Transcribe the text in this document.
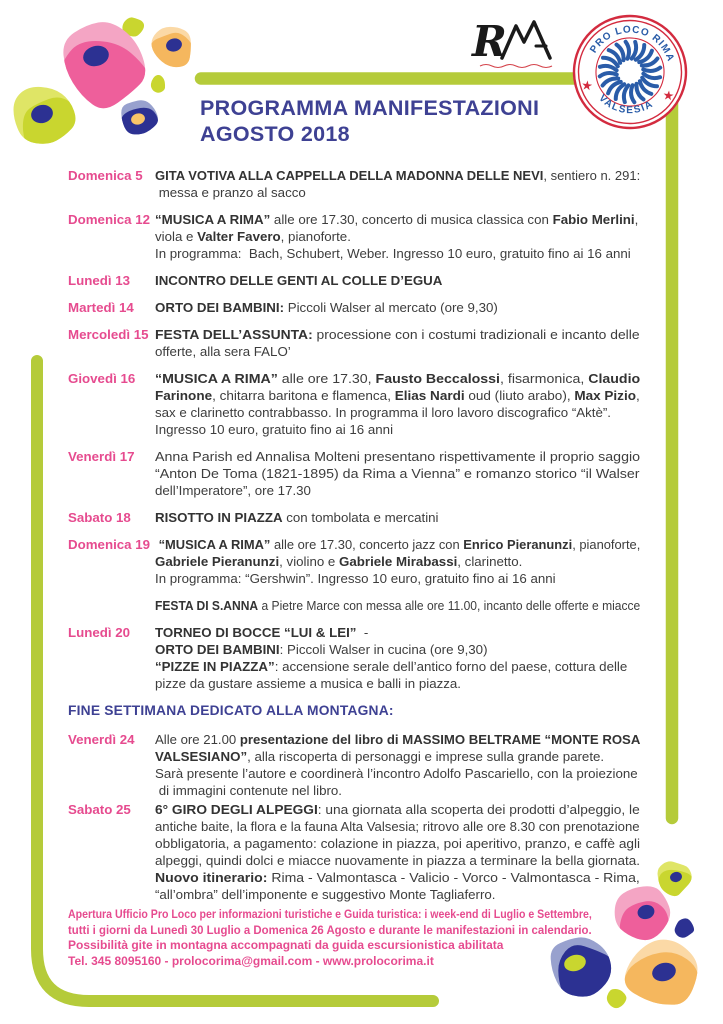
R	PRO LOCO RIMA
VALSESIA
★
★
PROGRAMMA MANIFESTAZIONI
AGOSTO 2018
Domenica 5 GITA VOTIVA ALLA CAPPELLA DELLA MADONNA DELLE NEVI, sentiero n. 291:
messa e pranzo al sacco
Domenica 12 “MUSICA A RIMA” alle ore 17.30, concerto di musica classica con Fabio Merlini,
viola e Valter Favero, pianoforte.
In programma:  Bach, Schubert, Weber. Ingresso 10 euro, gratuito fino ai 16 anni
Lunedì 13	INCONTRO DELLE GENTI AL COLLE D’EGUA
Martedì 14	ORTO DEI BAMBINI: Piccoli Walser al mercato (ore 9,30)
Mercoledì 15 FESTA DELL’ASSUNTA: processione con i costumi tradizionali e incanto delle
offerte, alla sera FALO’
Giovedì 16	“MUSICA A RIMA” alle ore 17.30, Fausto Beccalossi, fisarmonica, Claudio
Farinone, chitarra baritona e flamenca, Elias Nardi oud (liuto arabo), Max Pizio,
sax e clarinetto contrabbasso. In programma il loro lavoro discografico “Aktè”.
Ingresso 10 euro, gratuito fino ai 16 anni
Venerdì 17	Anna Parish ed Annalisa Molteni presentano rispettivamente il proprio saggio
“Anton De Toma (1821-1895) da Rima a Vienna” e romanzo storico “il Walser
dell’Imperatore”, ore 17.30
Sabato 18	RISOTTO IN PIAZZA con tombolata e mercatini
Domenica 19 “MUSICA A RIMA” alle ore 17.30, concerto jazz con Enrico Pieranunzi, pianoforte,
Gabriele Pieranunzi, violino e Gabriele Mirabassi, clarinetto.
In programma: “Gershwin”. Ingresso 10 euro, gratuito fino ai 16 anni
FESTA DI S.ANNA a Pietre Marce con messa alle ore 11.00, incanto delle offerte e miacce
Lunedì 20	TORNEO DI BOCCE “LUI & LEI”  -
ORTO DEI BAMBINI: Piccoli Walser in cucina (ore 9,30)
“PIZZE IN PIAZZA”: accensione serale dell’antico forno del paese, cottura delle
pizze da gustare assieme a musica e balli in piazza.
FINE SETTIMANA DEDICATO ALLA MONTAGNA:
Venerdì 24	Alle ore 21.00 presentazione del libro di MASSIMO BELTRAME “MONTE ROSA
VALSESIANO”, alla riscoperta di personaggi e imprese sulla grande parete.
Sarà presente l’autore e coordinerà l’incontro Adolfo Pascariello, con la proiezione
di immagini contenute nel libro.
Sabato 25	6° GIRO DEGLI ALPEGGI: una giornata alla scoperta dei prodotti d’alpeggio, le
antiche baite, la flora e la fauna Alta Valsesia; ritrovo alle ore 8.30 con prenotazione
obbligatoria, a pagamento: colazione in piazza, poi aperitivo, pranzo, e caffè agli
alpeggi, quindi dolci e miacce nuovamente in piazza a terminare la bella giornata.
Nuovo itinerario: Rima - Valmontasca - Valicio - Vorco - Valmontasca - Rima,
“all’ombra” dell’imponente e suggestivo Monte Tagliaferro.
Apertura Ufficio Pro Loco per informazioni turistiche e Guida turistica: i week-end di Luglio e Settembre,
tutti i giorni da Lunedì 30 Luglio a Domenica 26 Agosto e durante le manifestazioni in calendario.
Possibilità gite in montagna accompagnati da guida escursionistica abilitata
Tel. 345 8095160 - prolocorima@gmail.com - www.prolocorima.it
